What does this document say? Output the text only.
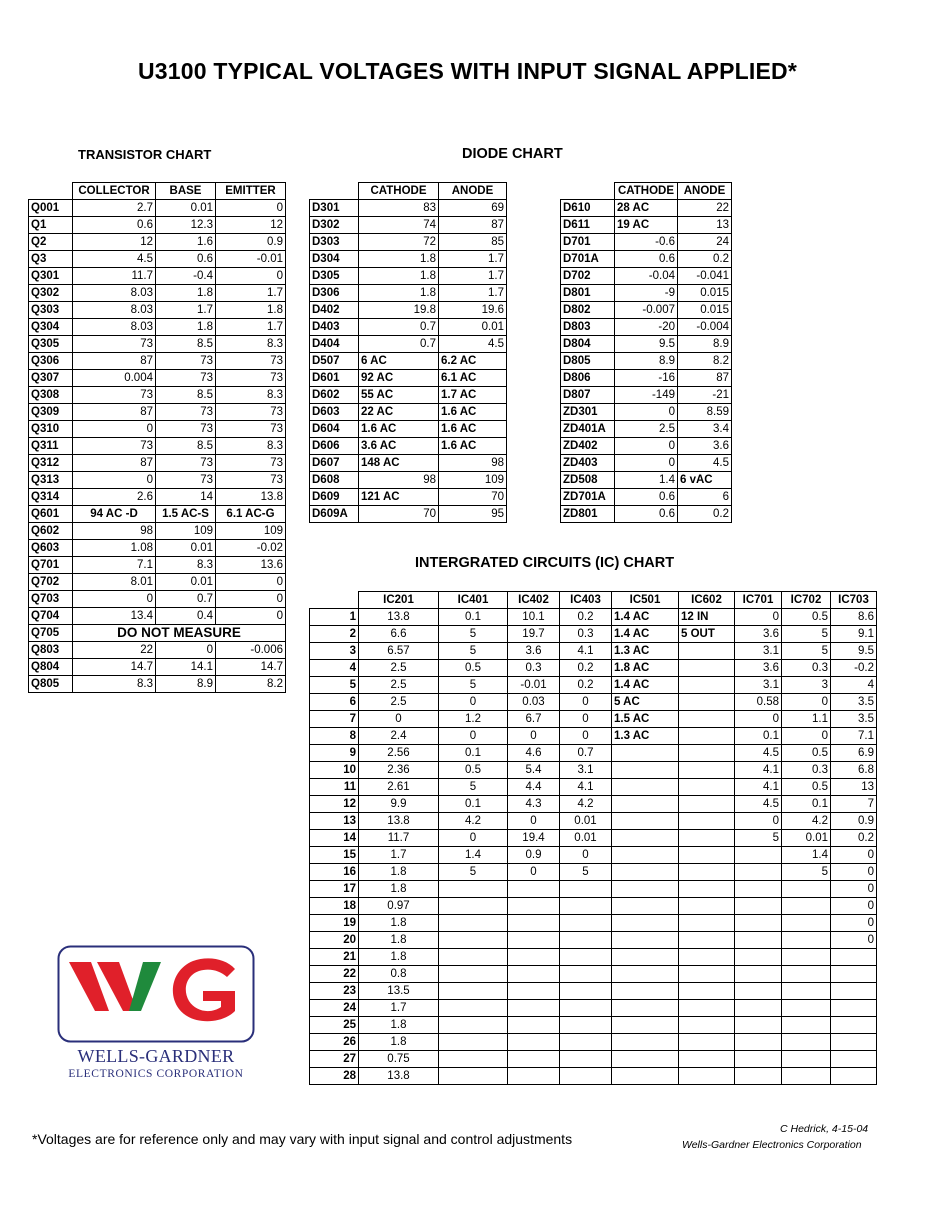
U3100 TYPICAL VOLTAGES WITH INPUT SIGNAL APPLIED*
TRANSISTOR CHART	DIODE CHART
INTERGRATED CIRCUITS (IC) CHART
	COLLECTOR	BASE	EMITTER
Q001	2.7	0.01	0
Q1	0.6	12.3	12
Q2	12	1.6	0.9
Q3	4.5	0.6	-0.01
Q301	11.7	-0.4	0
Q302	8.03	1.8	1.7
Q303	8.03	1.7	1.8
Q304	8.03	1.8	1.7
Q305	73	8.5	8.3
Q306	87	73	73
Q307	0.004	73	73
Q308	73	8.5	8.3
Q309	87	73	73
Q310	0	73	73
Q311	73	8.5	8.3
Q312	87	73	73
Q313	0	73	73
Q314	2.6	14	13.8
Q601	94 AC -D	1.5 AC-S	6.1 AC-G
Q602	98	109	109
Q603	1.08	0.01	-0.02
Q701	7.1	8.3	13.6
Q702	8.01	0.01	0
Q703	0	0.7	0
Q704	13.4	0.4	0
Q705	DO NOT MEASURE		
Q803	22	0	-0.006
Q804	14.7	14.1	14.7
Q805	8.3	8.9	8.2
	CATHODE	ANODE
D301	83	69
D302	74	87
D303	72	85
D304	1.8	1.7
D305	1.8	1.7
D306	1.8	1.7
D402	19.8	19.6
D403	0.7	0.01
D404	0.7	4.5
D507	6 AC	6.2 AC
D601	92 AC	6.1 AC
D602	55 AC	1.7 AC
D603	22 AC	1.6 AC
D604	1.6 AC	1.6 AC
D606	3.6 AC	1.6 AC
D607	148 AC	98
D608	98	109
D609	121 AC	70
D609A	70	95
	CATHODE	ANODE
D610	28 AC	22
D611	19 AC	13
D701	-0.6	24
D701A	0.6	0.2
D702	-0.04	-0.041
D801	-9	0.015
D802	-0.007	0.015
D803	-20	-0.004
D804	9.5	8.9
D805	8.9	8.2
D806	-16	87
D807	-149	-21
ZD301	0	8.59
ZD401A	2.5	3.4
ZD402	0	3.6
ZD403	0	4.5
ZD508	1.4	6 vAC
ZD701A	0.6	6
ZD801	0.6	0.2
	IC201	IC401	IC402	IC403	IC501	IC602	IC701	IC702	IC703
1	13.8	0.1	10.1	0.2	1.4 AC	12 IN	0	0.5	8.6
2	6.6	5	19.7	0.3	1.4 AC	5 OUT	3.6	5	9.1
3	6.57	5	3.6	4.1	1.3 AC		3.1	5	9.5
4	2.5	0.5	0.3	0.2	1.8 AC		3.6	0.3	-0.2
5	2.5	5	-0.01	0.2	1.4 AC		3.1	3	4
6	2.5	0	0.03	0	5 AC		0.58	0	3.5
7	0	1.2	6.7	0	1.5 AC		0	1.1	3.5
8	2.4	0	0	0	1.3 AC		0.1	0	7.1
9	2.56	0.1	4.6	0.7			4.5	0.5	6.9
10	2.36	0.5	5.4	3.1			4.1	0.3	6.8
11	2.61	5	4.4	4.1			4.1	0.5	13
12	9.9	0.1	4.3	4.2			4.5	0.1	7
13	13.8	4.2	0	0.01			0	4.2	0.9
14	11.7	0	19.4	0.01			5	0.01	0.2
15	1.7	1.4	0.9	0				1.4	0
16	1.8	5	0	5				5	0
17	1.8								0
18	0.97								0
19	1.8								0
20	1.8								0
21	1.8								
22	0.8								
23	13.5								
24	1.7								
25	1.8								
26	1.8								
27	0.75								
28	13.8								
WELLS-GARDNER
ELECTRONICS CORPORATION
*Voltages are for reference only and may vary with input signal and control adjustments
C Hedrick, 4-15-04
Wells-Gardner Electronics Corporation
